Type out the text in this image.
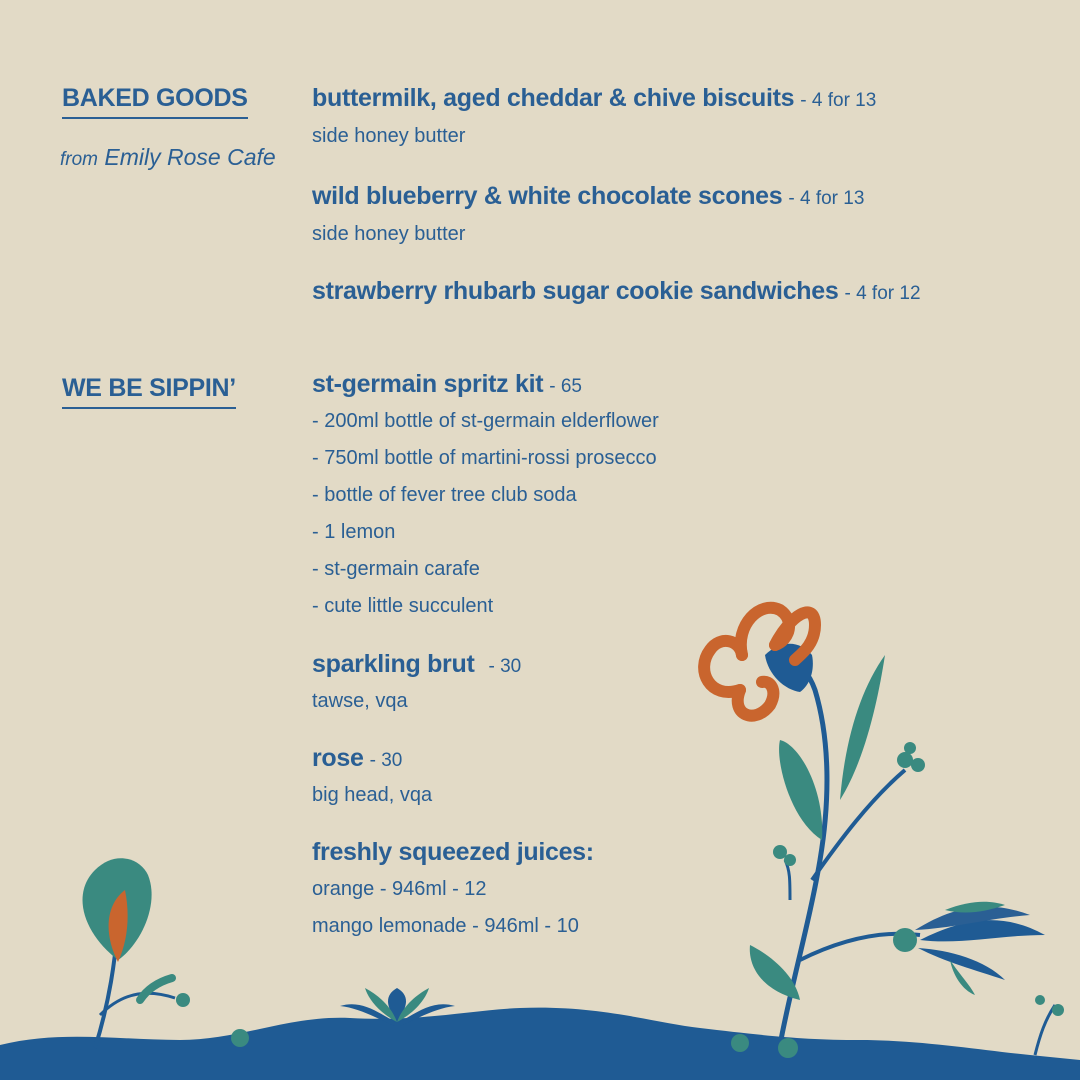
BAKED GOODS
from Emily Rose Cafe
buttermilk, aged cheddar & chive biscuits - 4 for 13
side honey butter
wild blueberry & white chocolate scones - 4 for 13
side honey butter
strawberry rhubarb sugar cookie sandwiches - 4 for 12
WE BE SIPPIN’	st-germain spritz kit - 65
- 200ml bottle of st-germain elderflower
- 750ml bottle of martini-rossi prosecco
- bottle of fever tree club soda
- 1 lemon
- st-germain carafe
- cute little succulent
sparkling brut - 30
tawse, vqa
rose - 30
big head, vqa
freshly squeezed juices:
orange - 946ml - 12
mango lemonade - 946ml - 10
